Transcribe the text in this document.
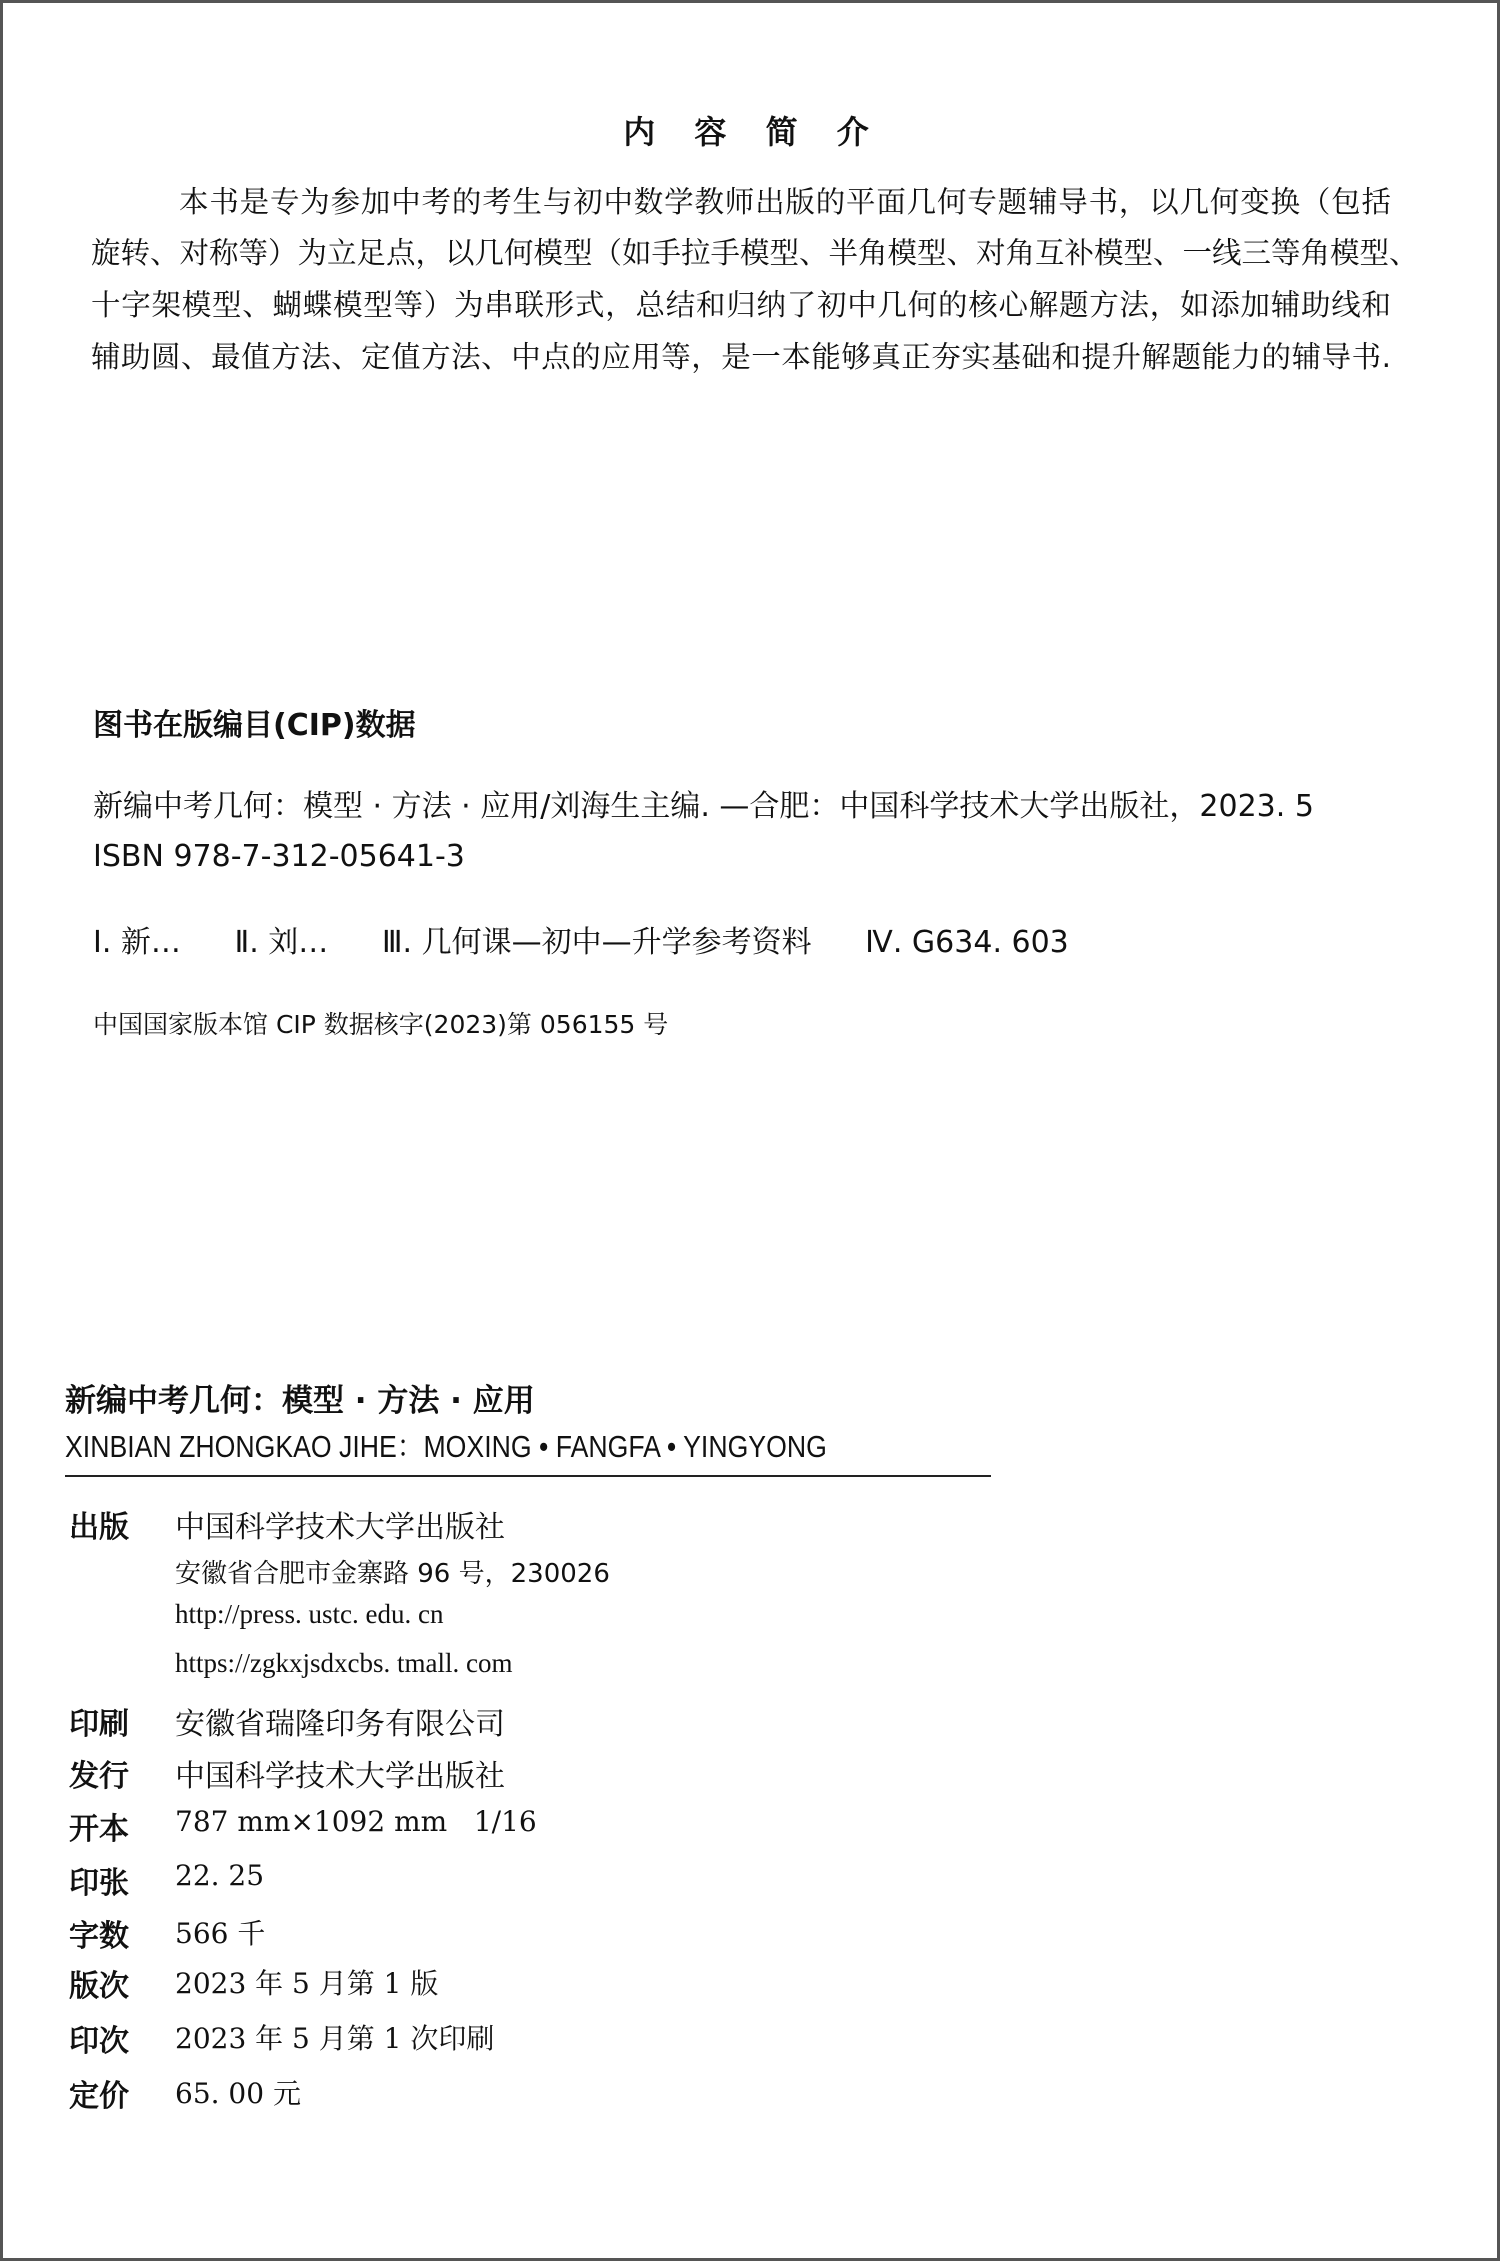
内 容 简 介
本书是专为参加中考的考生与初中数学教师出版的平面几何专题辅导书，以几何变换（包括
旋转、对称等）为立足点，以几何模型（如手拉手模型、半角模型、对角互补模型、一线三等角模型、
十字架模型、蝴蝶模型等）为串联形式，总结和归纳了初中几何的核心解题方法，如添加辅助线和
辅助圆、最值方法、定值方法、中点的应用等，是一本能够真正夯实基础和提升解题能力的辅导书.
图书在版编目(CIP)数据
新编中考几何：模型 · 方法 · 应用/刘海生主编. —合肥：中国科学技术大学出版社，2023. 5
ISBN 978-7-312-05641-3
Ⅰ. 新… Ⅱ. 刘… Ⅲ. 几何课—初中—升学参考资料 Ⅳ. G634. 603
中国国家版本馆 CIP 数据核字(2023)第 056155 号
新编中考几何：模型 · 方法 · 应用
XINBIAN ZHONGKAO JIHE：MOXING • FANGFA • YINGYONG
出版 中国科学技术大学出版社
安徽省合肥市金寨路 96 号，230026
http://press. ustc. edu. cn
https://zgkxjsdxcbs. tmall. com
印刷 安徽省瑞隆印务有限公司
发行 中国科学技术大学出版社
开本 787 mm×1092 mm   1/16
印张 22. 25
字数 566 千
版次 2023 年 5 月第 1 版
印次 2023 年 5 月第 1 次印刷
定价 65. 00 元
